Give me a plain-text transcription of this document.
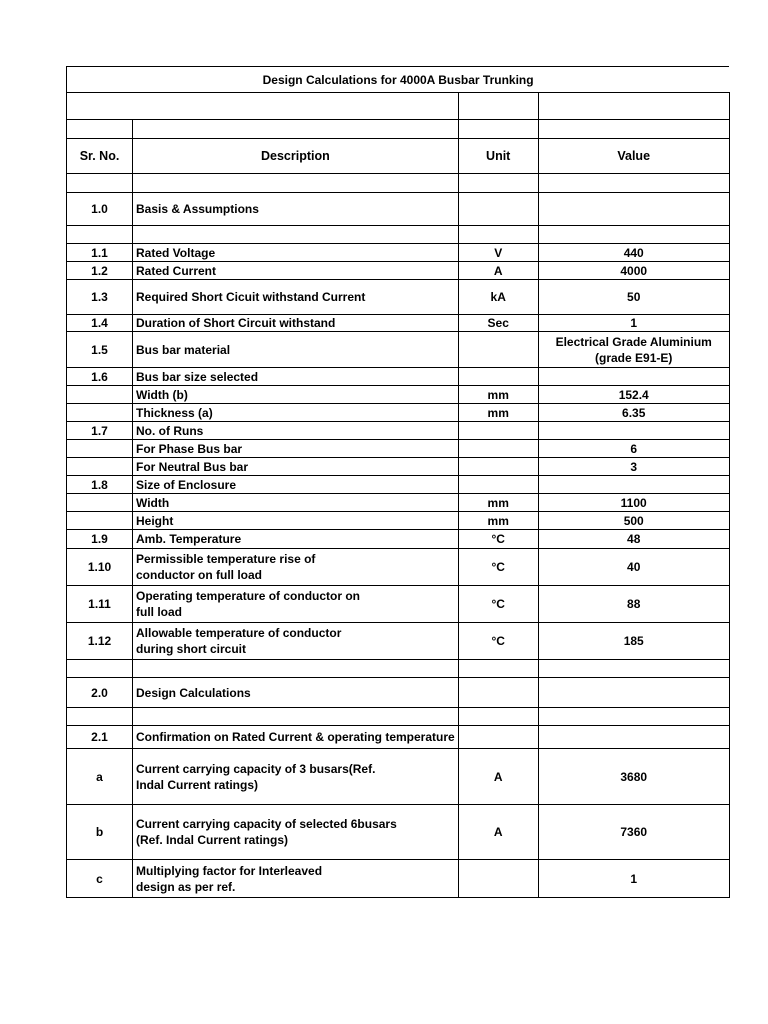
Design Calculations for 4000A Busbar Trunking			

Sr. No.	Description	Unit	Value

1.0	Basis & Assumptions		

1.1	Rated Voltage	V	440
1.2	Rated Current	A	4000
1.3	Required Short Cicuit withstand Current	kA	50
1.4	Duration of Short Circuit withstand	Sec	1
1.5	Bus bar material		Electrical Grade Aluminium
(grade E91-E)
1.6	Bus bar size selected		
	Width (b)	mm	152.4
	Thickness (a)	mm	6.35
1.7	No. of Runs		
	For Phase Bus bar		6
	For Neutral Bus bar		3
1.8	Size of Enclosure		
	Width	mm	1100
	Height	mm	500
1.9	Amb. Temperature	°C	48
1.10	Permissible temperature rise of
conductor on full load	°C	40
1.11	Operating temperature of conductor on
full load	°C	88
1.12	Allowable temperature of conductor
during short circuit	°C	185

2.0	Design Calculations		

2.1	Confirmation on Rated Current & operating temperature		
a	Current carrying capacity of 3 busars(Ref.
Indal Current ratings)	A	3680
b	Current carrying capacity of selected 6busars
(Ref. Indal Current ratings)	A	7360
c	Multiplying factor for Interleaved
design as per ref.		1
